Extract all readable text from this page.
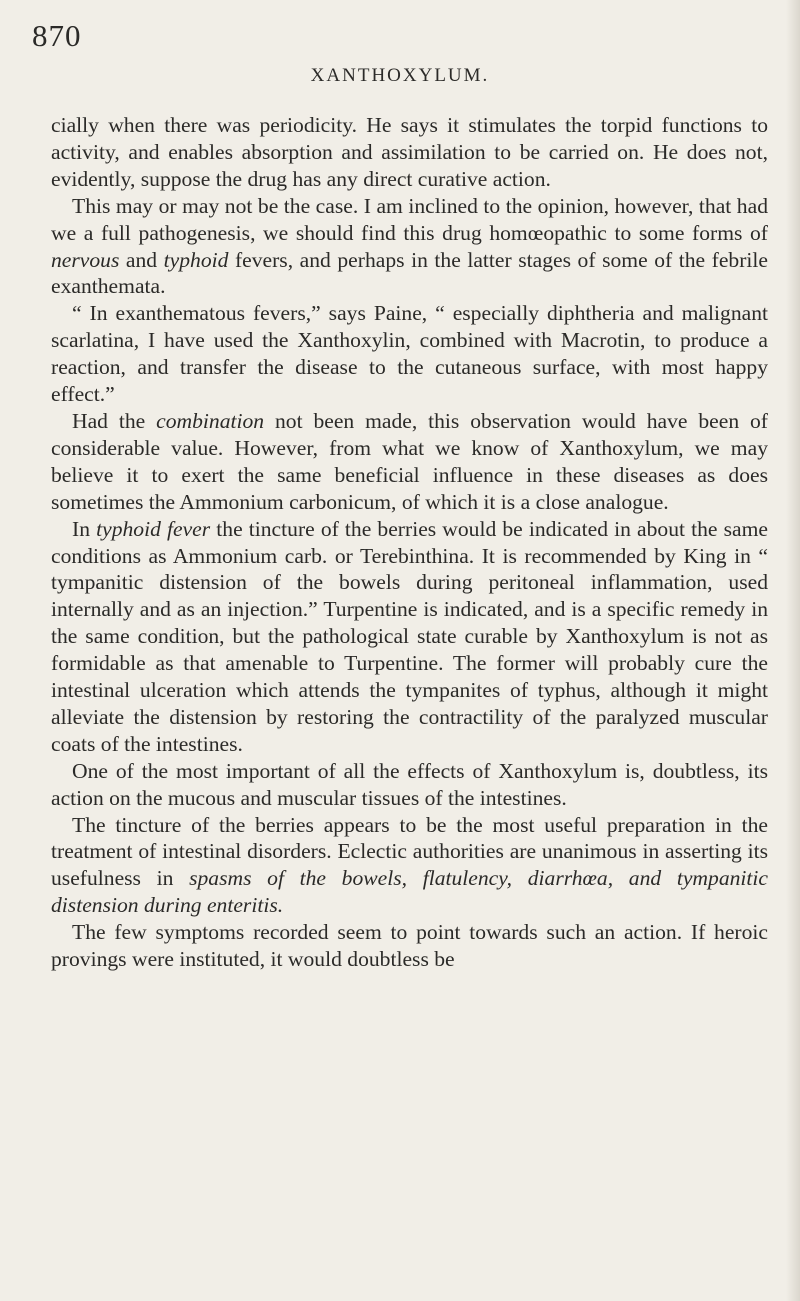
870
XANTHOXYLUM.

cially when there was periodicity. He says it stimulates the torpid functions to activity, and enables absorption and assimilation to be carried on. He does not, evidently, suppose the drug has any direct curative action.

This may or may not be the case. I am inclined to the opinion, however, that had we a full pathogenesis, we should find this drug homœopathic to some forms of nervous and typhoid fevers, and perhaps in the latter stages of some of the febrile exanthemata.

“ In exanthematous fevers,” says Paine, “ especially diphtheria and malignant scarlatina, I have used the Xanthoxylin, combined with Macrotin, to produce a reaction, and transfer the disease to the cutaneous surface, with most happy effect.”

Had the combination not been made, this observation would have been of considerable value. However, from what we know of Xanthoxylum, we may believe it to exert the same beneficial influence in these diseases as does sometimes the Ammonium carbonicum, of which it is a close analogue.

In typhoid fever the tincture of the berries would be indicated in about the same conditions as Ammonium carb. or Terebinthina. It is recommended by King in “ tympanitic distension of the bowels during peritoneal inflammation, used internally and as an injection.” Turpentine is indicated, and is a specific remedy in the same condition, but the pathological state curable by Xanthoxylum is not as formidable as that amenable to Turpentine. The former will probably cure the intestinal ulceration which attends the tympanites of typhus, although it might alleviate the distension by restoring the contractility of the paralyzed muscular coats of the intestines.

One of the most important of all the effects of Xanthoxylum is, doubtless, its action on the mucous and muscular tissues of the intestines.

The tincture of the berries appears to be the most useful preparation in the treatment of intestinal disorders. Eclectic authorities are unanimous in asserting its usefulness in spasms of the bowels, flatulency, diarrhœa, and tympanitic distension during enteritis.

The few symptoms recorded seem to point towards such an action. If heroic provings were instituted, it would doubtless be
